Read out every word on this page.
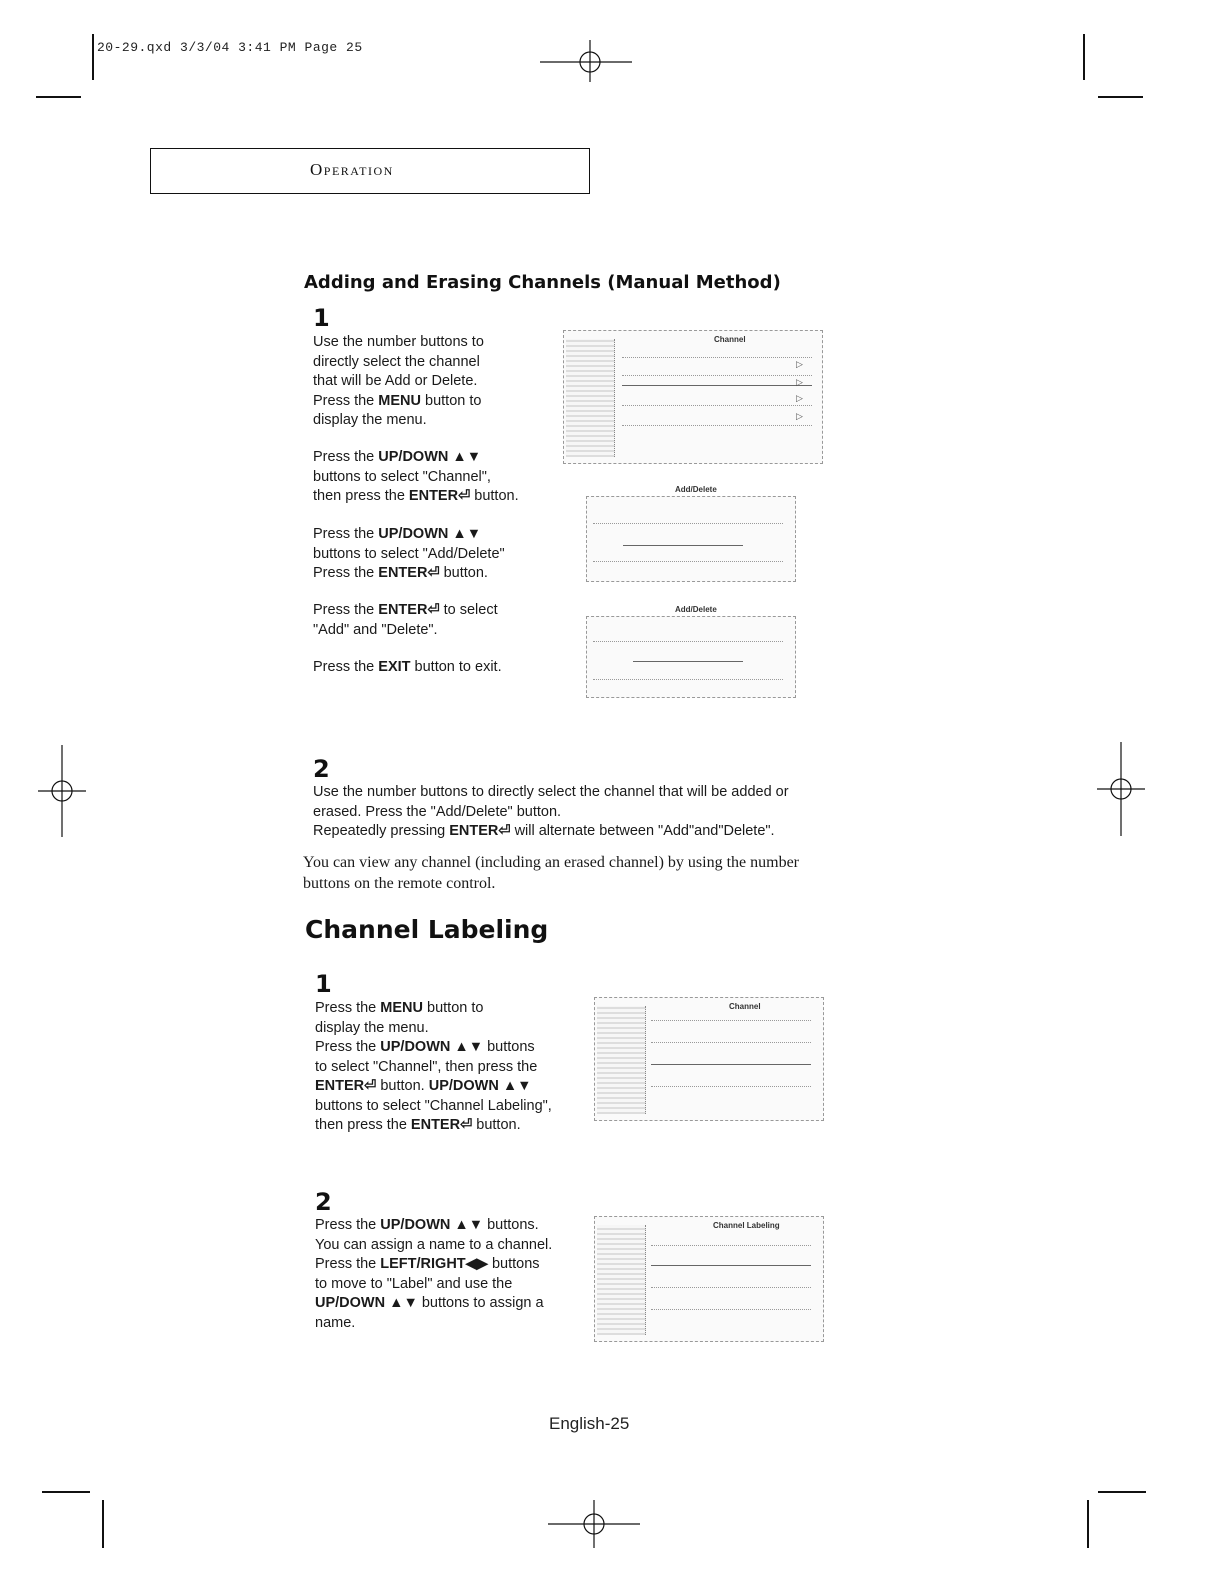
20-29.qxd 3/3/04 3:41 PM Page 25
Operation
Adding and Erasing Channels (Manual Method)
1

Use the number buttons to

directly select the channel

that will be Add or Delete.

Press the MENU button to

display the menu.

Press the UP/DOWN ▲▼

buttons to select "Channel",

then press the ENTER⏎ button.

Press the UP/DOWN ▲▼

buttons to select "Add/Delete"

Press the ENTER⏎ button.

Press the ENTER⏎ to select

"Add" and "Delete".

Press the EXIT button to exit.

Channel
▷
▷
▷
▷
Add/Delete
Add/Delete
2

Use the number buttons to directly select the channel that will be added or

erased. Press the "Add/Delete" button.

Repeatedly pressing ENTER⏎ will alternate between "Add"and"Delete".

You can view any channel (including an erased channel) by using the number
buttons on the remote control.
Channel Labeling
1

Press the MENU button to

display the menu.

Press the UP/DOWN ▲▼ buttons

to select "Channel", then press the

ENTER⏎ button. UP/DOWN ▲▼

buttons to select "Channel Labeling",

then press the ENTER⏎ button.

Channel
2

Press the UP/DOWN ▲▼ buttons.

You can assign a name to a channel.

Press the LEFT/RIGHT◀▶ buttons

to move to "Label" and use the

UP/DOWN ▲▼ buttons to assign a

name.

Channel Labeling
English-25
